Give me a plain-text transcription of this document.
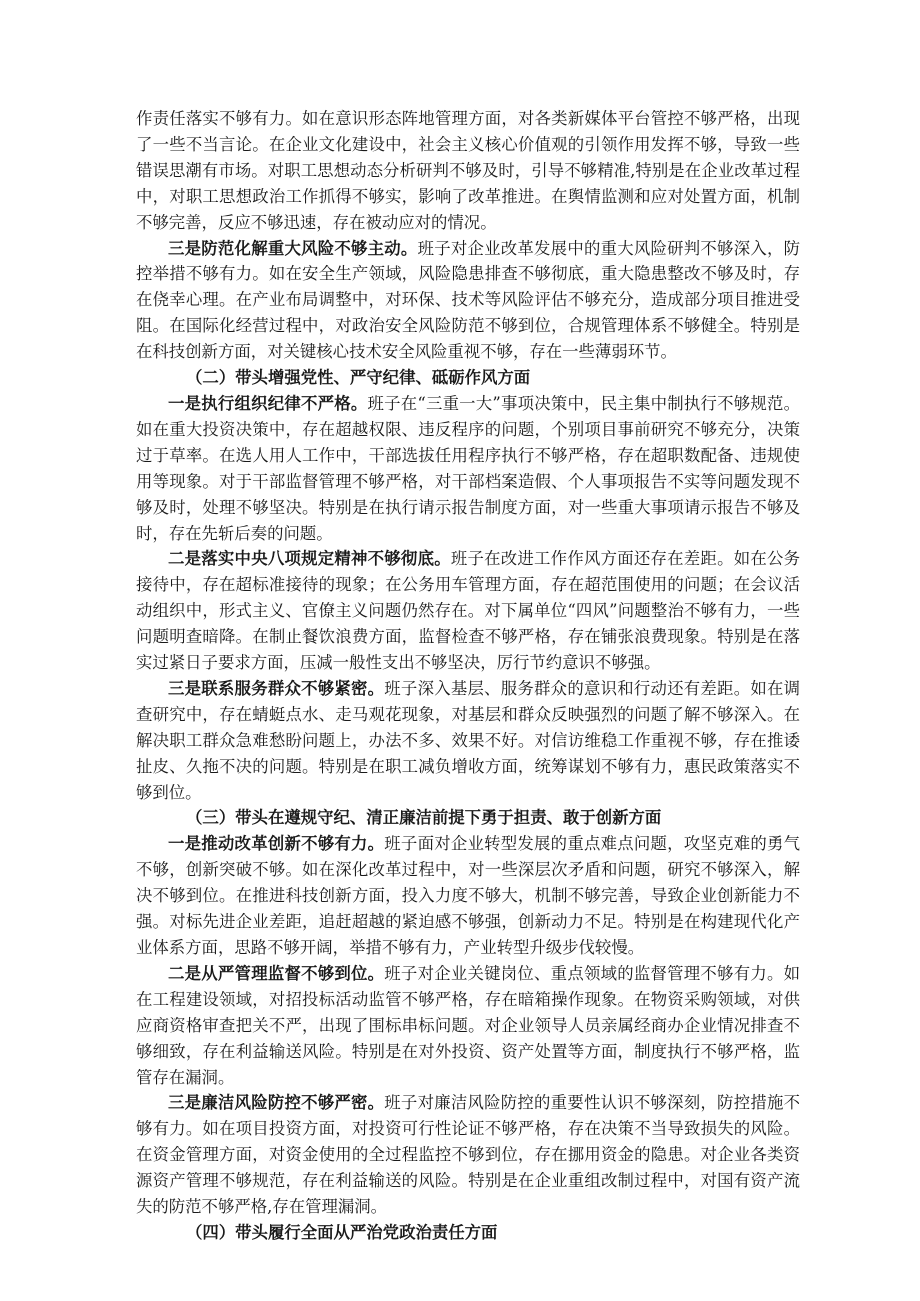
作责任落实不够有力。如在意识形态阵地管理方面，对各类新媒体平台管控不够严格，出现了一些不当言论。在企业文化建设中，社会主义核心价值观的引领作用发挥不够，导致一些错误思潮有市场。对职工思想动态分析研判不够及时，引导不够精准,特别是在企业改革过程中，对职工思想政治工作抓得不够实，影响了改革推进。在舆情监测和应对处置方面，机制不够完善，反应不够迅速，存在被动应对的情况。

三是防范化解重大风险不够主动。班子对企业改革发展中的重大风险研判不够深入，防控举措不够有力。如在安全生产领域，风险隐患排查不够彻底，重大隐患整改不够及时，存在侥幸心理。在产业布局调整中，对环保、技术等风险评估不够充分，造成部分项目推进受阻。在国际化经营过程中，对政治安全风险防范不够到位，合规管理体系不够健全。特别是在科技创新方面，对关键核心技术安全风险重视不够，存在一些薄弱环节。

（二）带头增强党性、严守纪律、砥砺作风方面

一是执行组织纪律不严格。班子在“三重一大”事项决策中，民主集中制执行不够规范。如在重大投资决策中，存在超越权限、违反程序的问题，个别项目事前研究不够充分，决策过于草率。在选人用人工作中，干部选拔任用程序执行不够严格，存在超职数配备、违规使用等现象。对于干部监督管理不够严格，对干部档案造假、个人事项报告不实等问题发现不够及时，处理不够坚决。特别是在执行请示报告制度方面，对一些重大事项请示报告不够及时，存在先斩后奏的问题。

二是落实中央八项规定精神不够彻底。班子在改进工作作风方面还存在差距。如在公务接待中，存在超标准接待的现象；在公务用车管理方面，存在超范围使用的问题；在会议活动组织中，形式主义、官僚主义问题仍然存在。对下属单位“四风”问题整治不够有力，一些问题明查暗降。在制止餐饮浪费方面，监督检查不够严格，存在铺张浪费现象。特别是在落实过紧日子要求方面，压减一般性支出不够坚决，厉行节约意识不够强。

三是联系服务群众不够紧密。班子深入基层、服务群众的意识和行动还有差距。如在调查研究中，存在蜻蜓点水、走马观花现象，对基层和群众反映强烈的问题了解不够深入。在解决职工群众急难愁盼问题上，办法不多、效果不好。对信访维稳工作重视不够，存在推诿扯皮、久拖不决的问题。特别是在职工减负增收方面，统筹谋划不够有力，惠民政策落实不够到位。

（三）带头在遵规守纪、清正廉洁前提下勇于担责、敢于创新方面

一是推动改革创新不够有力。班子面对企业转型发展的重点难点问题，攻坚克难的勇气不够，创新突破不够。如在深化改革过程中，对一些深层次矛盾和问题，研究不够深入，解决不够到位。在推进科技创新方面，投入力度不够大，机制不够完善，导致企业创新能力不强。对标先进企业差距，追赶超越的紧迫感不够强，创新动力不足。特别是在构建现代化产业体系方面，思路不够开阔，举措不够有力，产业转型升级步伐较慢。

二是从严管理监督不够到位。班子对企业关键岗位、重点领域的监督管理不够有力。如在工程建设领域，对招投标活动监管不够严格，存在暗箱操作现象。在物资采购领域，对供应商资格审查把关不严，出现了围标串标问题。对企业领导人员亲属经商办企业情况排查不够细致，存在利益输送风险。特别是在对外投资、资产处置等方面，制度执行不够严格，监管存在漏洞。

三是廉洁风险防控不够严密。班子对廉洁风险防控的重要性认识不够深刻，防控措施不够有力。如在项目投资方面，对投资可行性论证不够严格，存在决策不当导致损失的风险。在资金管理方面，对资金使用的全过程监控不够到位，存在挪用资金的隐患。对企业各类资源资产管理不够规范，存在利益输送的风险。特别是在企业重组改制过程中，对国有资产流失的防范不够严格,存在管理漏洞。

（四）带头履行全面从严治党政治责任方面
